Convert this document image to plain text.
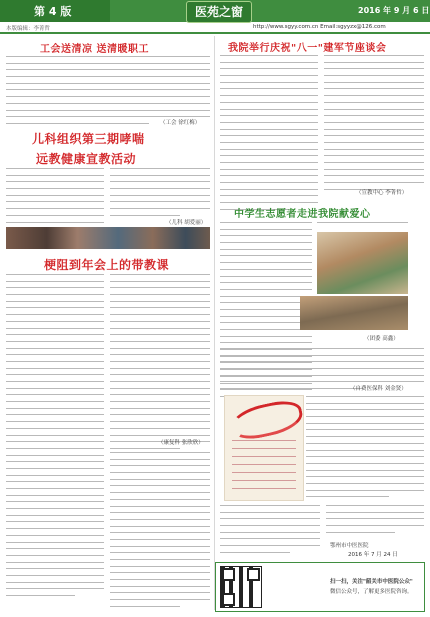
第 4 版	医苑之窗	2016 年 9 月 6 日
本版编辑：李菁哲	http://www.sgyy.com.cn Email:sgyyzx@126.com
工会送清凉 送清暖职工
（工会 徐红梅）
儿科组织第三期哮喘
远教健康宣教活动
（儿科 胡爱丽）
梗阻到年会上的带教课
（康复科 张欣欣）
我院举行庆祝"八一"建军节座谈会
（宣教中心 李菁哲）
中学生志愿者走进我院献爱心
（团委 高鑫）
（自费医保科 刘金贤）
鄂州市中医医院
2016 年 7 月 24 日
扫一扫，关注"韶关市中医院公众"
微信公众号，了解更多医院咨询。
